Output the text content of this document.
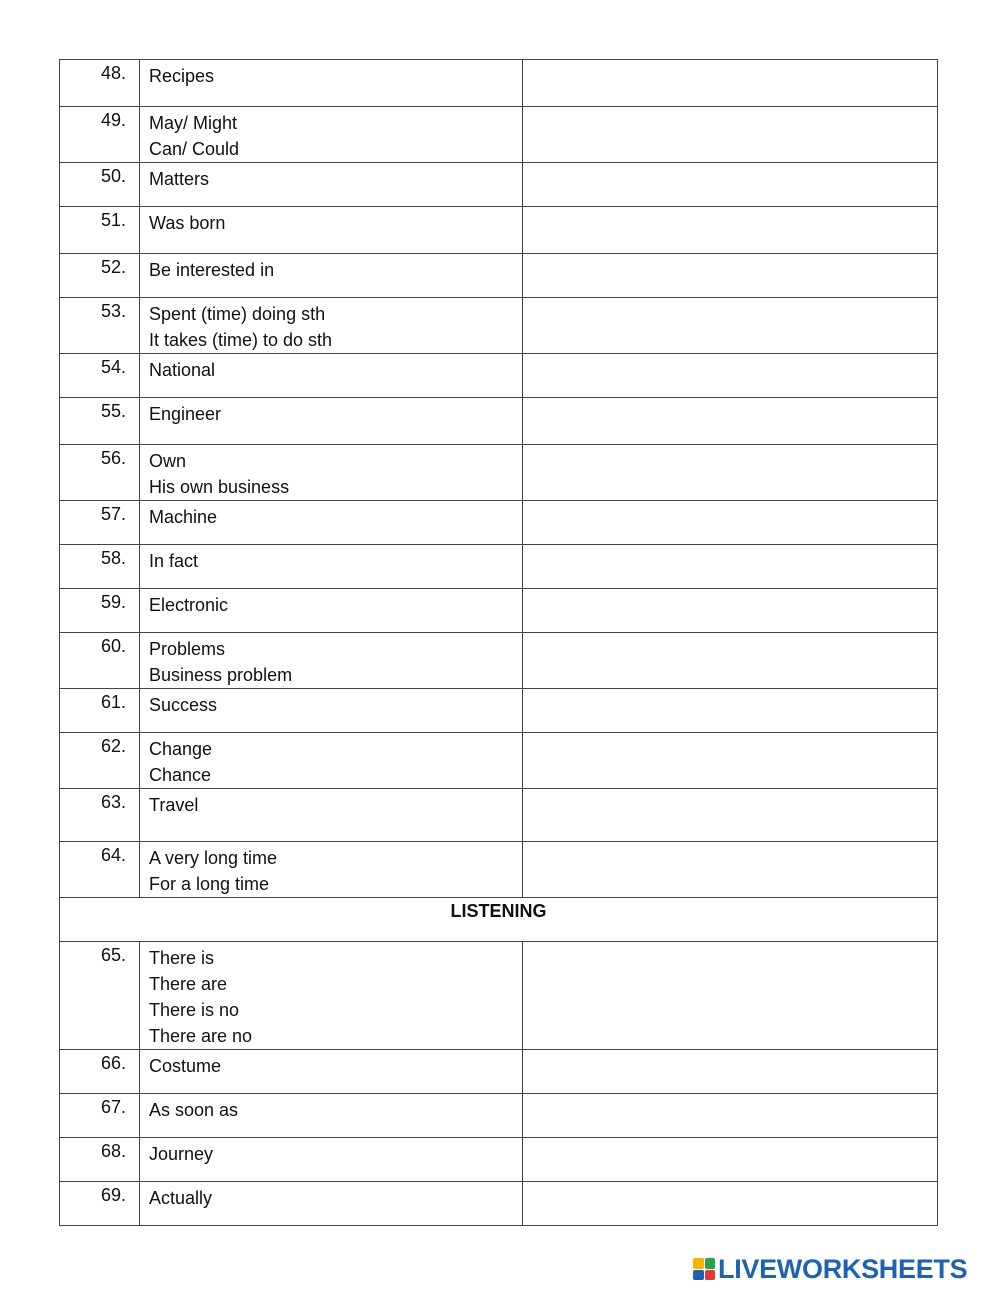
48.	Recipes	

49.	May/ Might
Can/ Could	

50.	Matters	

51.	Was born	

52.	Be interested in	

53.	Spent (time) doing sth
It takes (time) to do sth	

54.	National	

55.	Engineer	

56.	Own
His own business	

57.	Machine	

58.	In fact	

59.	Electronic	

60.	Problems
Business problem	

61.	Success	

62.	Change
Chance	

63.	Travel	

64.	A very long time
For a long time	

LISTENING		
65.	There is
There are
There is no
There are no	

66.	Costume	

67.	As soon as	

68.	Journey	

69.	Actually	

LIVEWORKSHEETS
